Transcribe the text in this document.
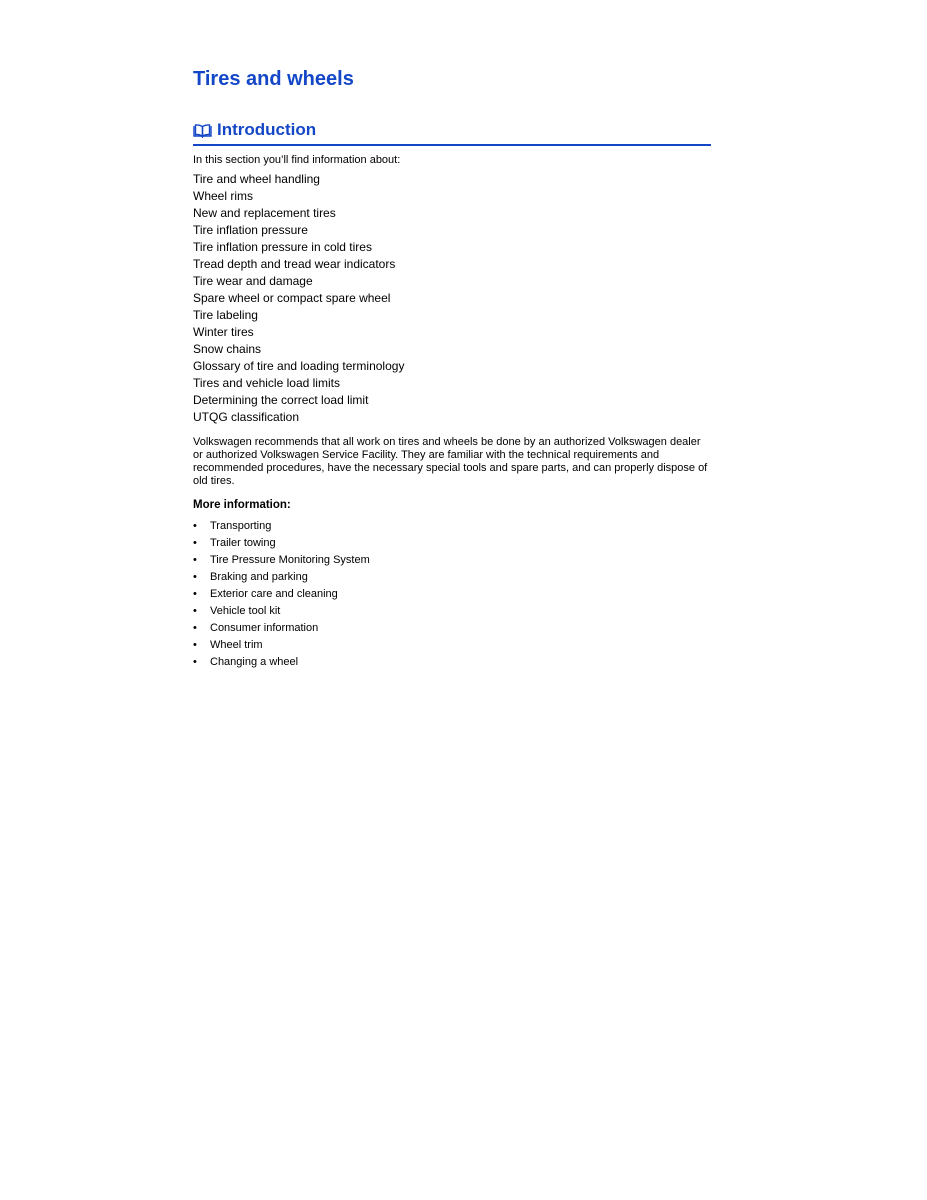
Tires and wheels
Introduction
In this section you’ll find information about:
Tire and wheel handling
Wheel rims
New and replacement tires
Tire inflation pressure
Tire inflation pressure in cold tires
Tread depth and tread wear indicators
Tire wear and damage
Spare wheel or compact spare wheel
Tire labeling
Winter tires
Snow chains
Glossary of tire and loading terminology
Tires and vehicle load limits
Determining the correct load limit
UTQG classification

Volkswagen recommends that all work on tires and wheels be done by an authorized Volkswagen dealer or authorized Volkswagen Service Facility. They are familiar with the technical requirements and recommended procedures, have the necessary special tools and spare parts, and can properly dispose of old tires.

More information:
• Transporting
• Trailer towing
• Tire Pressure Monitoring System
• Braking and parking
• Exterior care and cleaning
• Vehicle tool kit
• Consumer information
• Wheel trim
• Changing a wheel
